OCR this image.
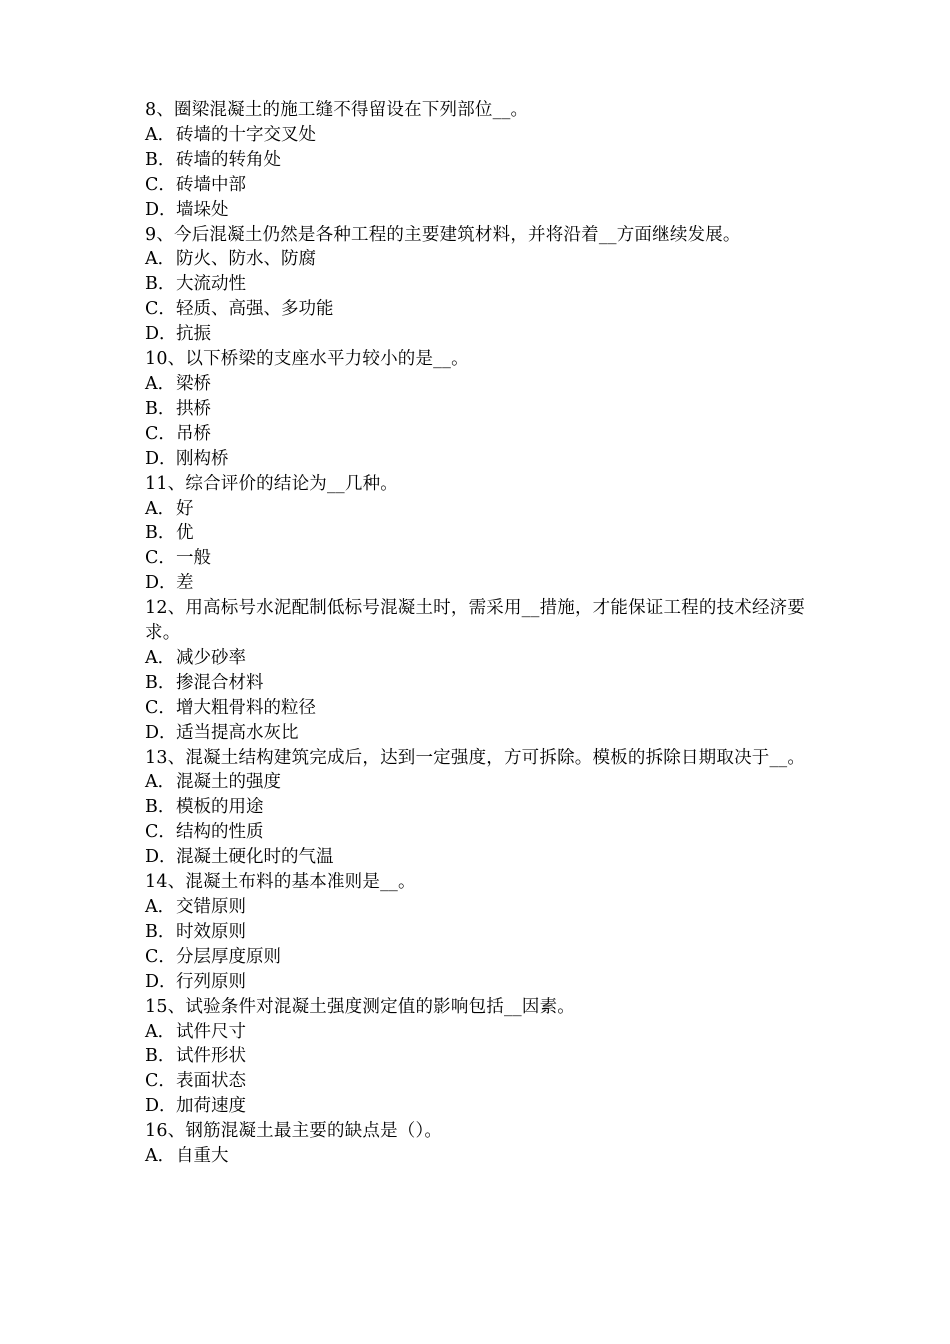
8、圈梁混凝土的施工缝不得留设在下列部位__。
A．砖墙的十字交叉处
B．砖墙的转角处
C．砖墙中部
D．墙垛处
9、今后混凝土仍然是各种工程的主要建筑材料，并将沿着__方面继续发展。
A．防火、防水、防腐
B．大流动性
C．轻质、高强、多功能
D．抗振
10、以下桥梁的支座水平力较小的是__。
A．梁桥
B．拱桥
C．吊桥
D．刚构桥
11、综合评价的结论为__几种。
A．好
B．优
C．一般
D．差
12、用高标号水泥配制低标号混凝土时，需采用__措施，才能保证工程的技术经济要求。
A．减少砂率
B．掺混合材料
C．增大粗骨料的粒径
D．适当提高水灰比
13、混凝土结构建筑完成后，达到一定强度，方可拆除。模板的拆除日期取决于__。
A．混凝土的强度
B．模板的用途
C．结构的性质
D．混凝土硬化时的气温
14、混凝土布料的基本准则是__。
A．交错原则
B．时效原则
C．分层厚度原则
D．行列原则
15、试验条件对混凝土强度测定值的影响包括__因素。
A．试件尺寸
B．试件形状
C．表面状态
D．加荷速度
16、钢筋混凝土最主要的缺点是（）。
A．自重大
